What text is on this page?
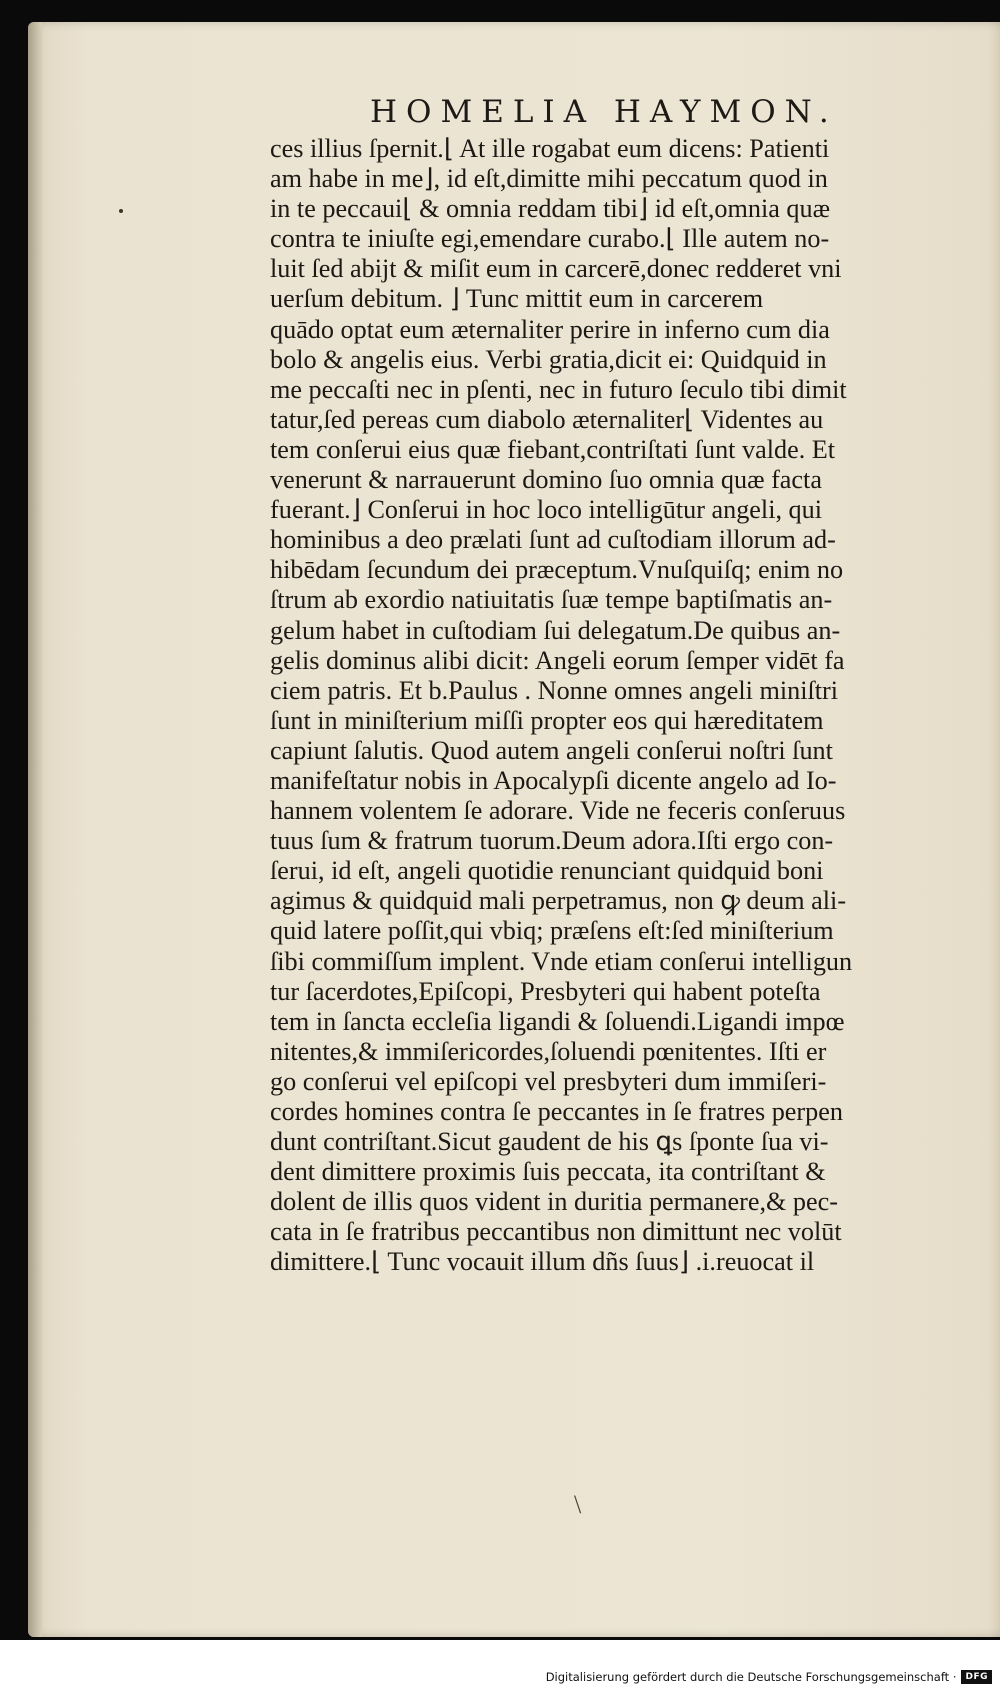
HOMELIA HAYMON.
ces illius ſpernit.⌊ At ille rogabat eum dicens: Patienti
am habe in me⌋, id eſt,dimitte mihi peccatum quod in
in te peccaui⌊ & omnia reddam tibi⌋ id eſt,omnia quæ
contra te iniuſte egi,emendare curabo.⌊ Ille autem no-
luit ſed abijt & miſit eum in carcerē,donec redderet vni
uerſum debitum. ⌋ Tunc mittit eum in carcerem
quādo optat eum æternaliter perire in inferno cum dia
bolo & angelis eius. Verbi gratia,dicit ei: Quidquid in
me peccaſti nec in pſenti, nec in futuro ſeculo tibi dimit
tatur,ſed pereas cum diabolo æternaliter⌊ Videntes au
tem conſerui eius quæ fiebant,contriſtati ſunt valde. Et
venerunt & narrauerunt domino ſuo omnia quæ facta
fuerant.⌋ Conſerui in hoc loco intelligūtur angeli, qui
hominibus a deo prælati ſunt ad cuſtodiam illorum ad-
hibēdam ſecundum dei præceptum.Vnuſquiſq; enim no
ſtrum ab exordio natiuitatis ſuæ tempe baptiſmatis an-
gelum habet in cuſtodiam ſui delegatum.De quibus an-
gelis dominus alibi dicit: Angeli eorum ſemper vidēt fa
ciem patris. Et b.Paulus . Nonne omnes angeli miniſtri
ſunt in miniſterium miſſi propter eos qui hæreditatem
capiunt ſalutis. Quod autem angeli conſerui noſtri ſunt
manifeſtatur nobis in Apocalypſi dicente angelo ad Io-
hannem volentem ſe adorare. Vide ne feceris conſeruus
tuus ſum & fratrum tuorum.Deum adora.Iſti ergo con-
ſerui, id eſt, angeli quotidie renunciant quidquid boni
agimus & quidquid mali perpetramus, non ꝙ deum ali-
quid latere poſſit,qui vbiq; præſens eſt:ſed miniſterium
ſibi commiſſum implent. Vnde etiam conſerui intelligun
tur ſacerdotes,Epiſcopi, Presbyteri qui habent poteſta
tem in ſancta eccleſia ligandi & ſoluendi.Ligandi impœ
nitentes,& immiſericordes,ſoluendi pœnitentes. Iſti er
go conſerui vel epiſcopi vel presbyteri dum immiſeri-
cordes homines contra ſe peccantes in ſe fratres perpen
dunt contriſtant.Sicut gaudent de his ꝗs ſponte ſua vi-
dent dimittere proximis ſuis peccata, ita contriſtant &
dolent de illis quos vident in duritia permanere,& pec-
cata in ſe fratribus peccantibus non dimittunt nec volūt
dimittere.⌊ Tunc vocauit illum dñs ſuus⌋ .i.reuocat il
\
Digitalisierung gefördert durch die Deutsche Forschungsgemeinschaft ·	DFG
